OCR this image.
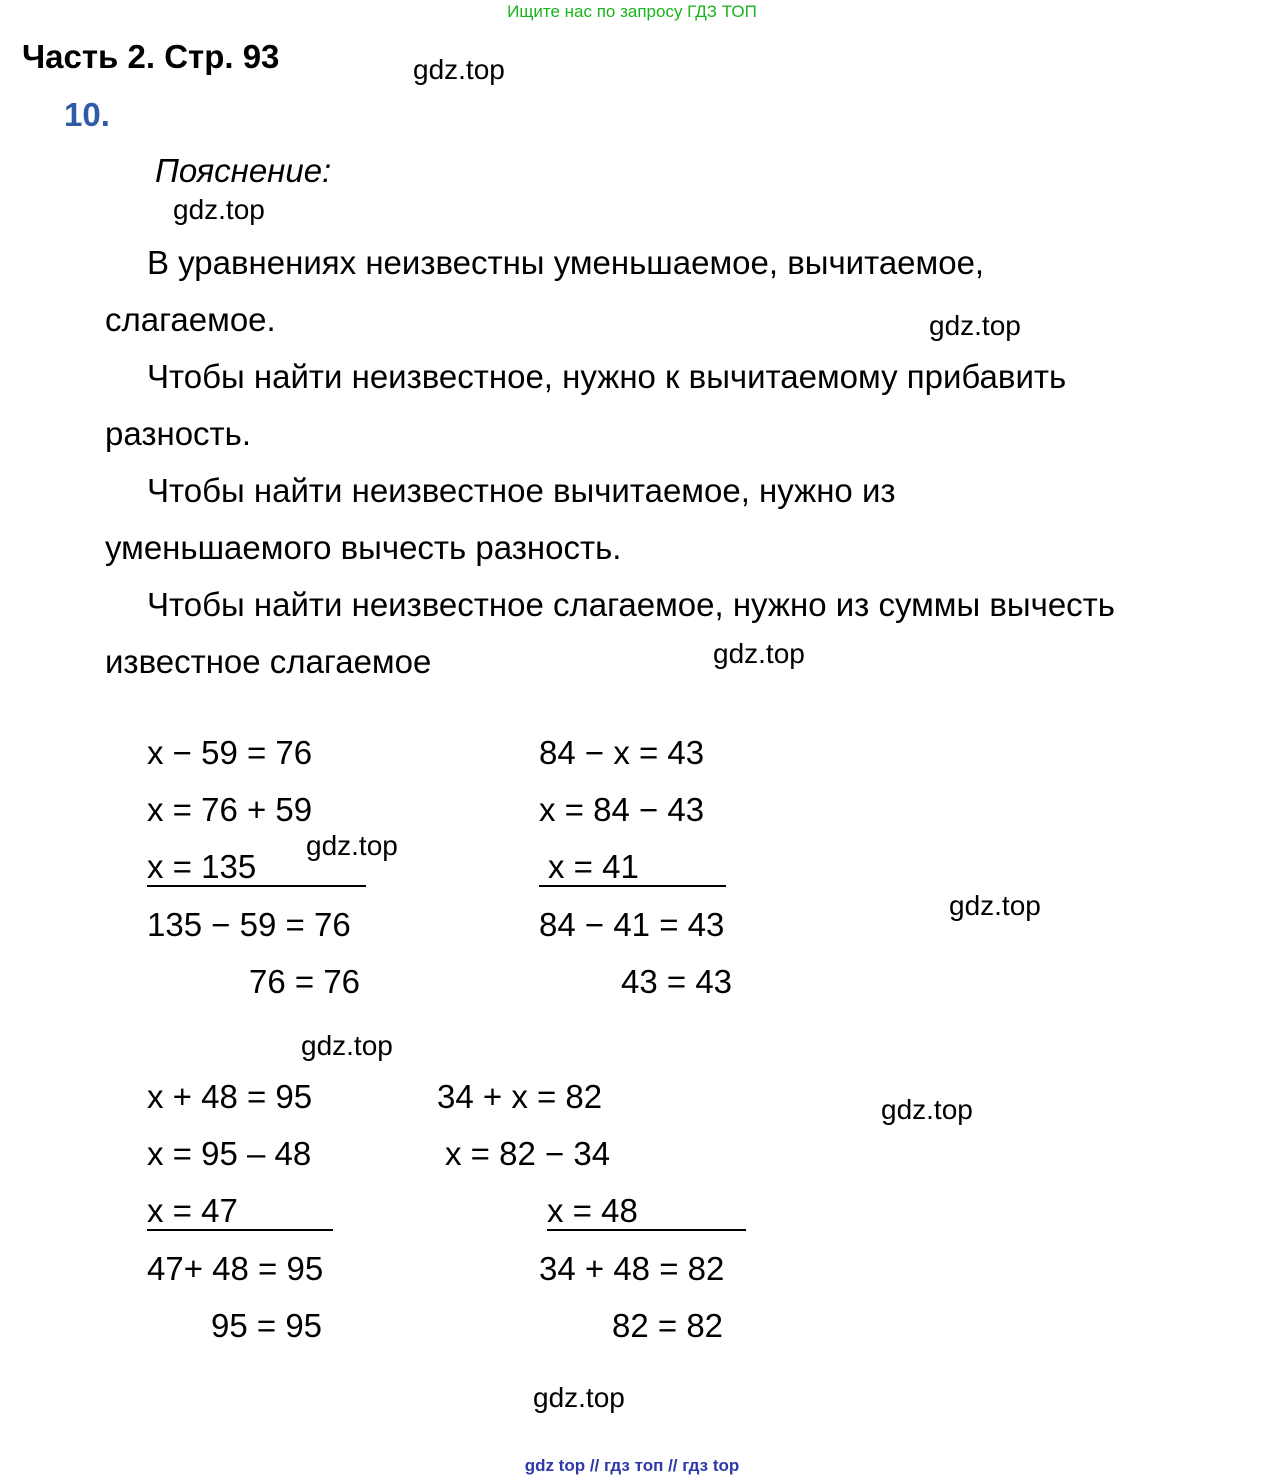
Ищите нас по запросу ГДЗ ТОП
Часть 2. Стр. 93
10.
Пояснение:
gdz.top
gdz.top
gdz.top
gdz.top
gdz.top
gdz.top
gdz.top
gdz.top
gdz.top
В уравнениях неизвестны уменьшаемое, вычитаемое,
слагаемое.
Чтобы найти неизвестное, нужно к вычитаемому прибавить
разность.
Чтобы найти неизвестное вычитаемое, нужно из
уменьшаемого вычесть разность.
Чтобы найти неизвестное слагаемое, нужно из суммы вычесть
известное слагаемое
x − 59 = 76
x = 76 + 59
x = 135
135 − 59 = 76
76 = 76
84 − x = 43
x = 84 − 43
x = 41
84 − 41 = 43
43 = 43
x + 48 = 95
x = 95 – 48
x = 47
47+ 48 = 95
95 = 95
34 + x = 82
x = 82 − 34
x = 48
34 + 48 = 82
82 = 82
gdz top // гдз топ // гдз top
